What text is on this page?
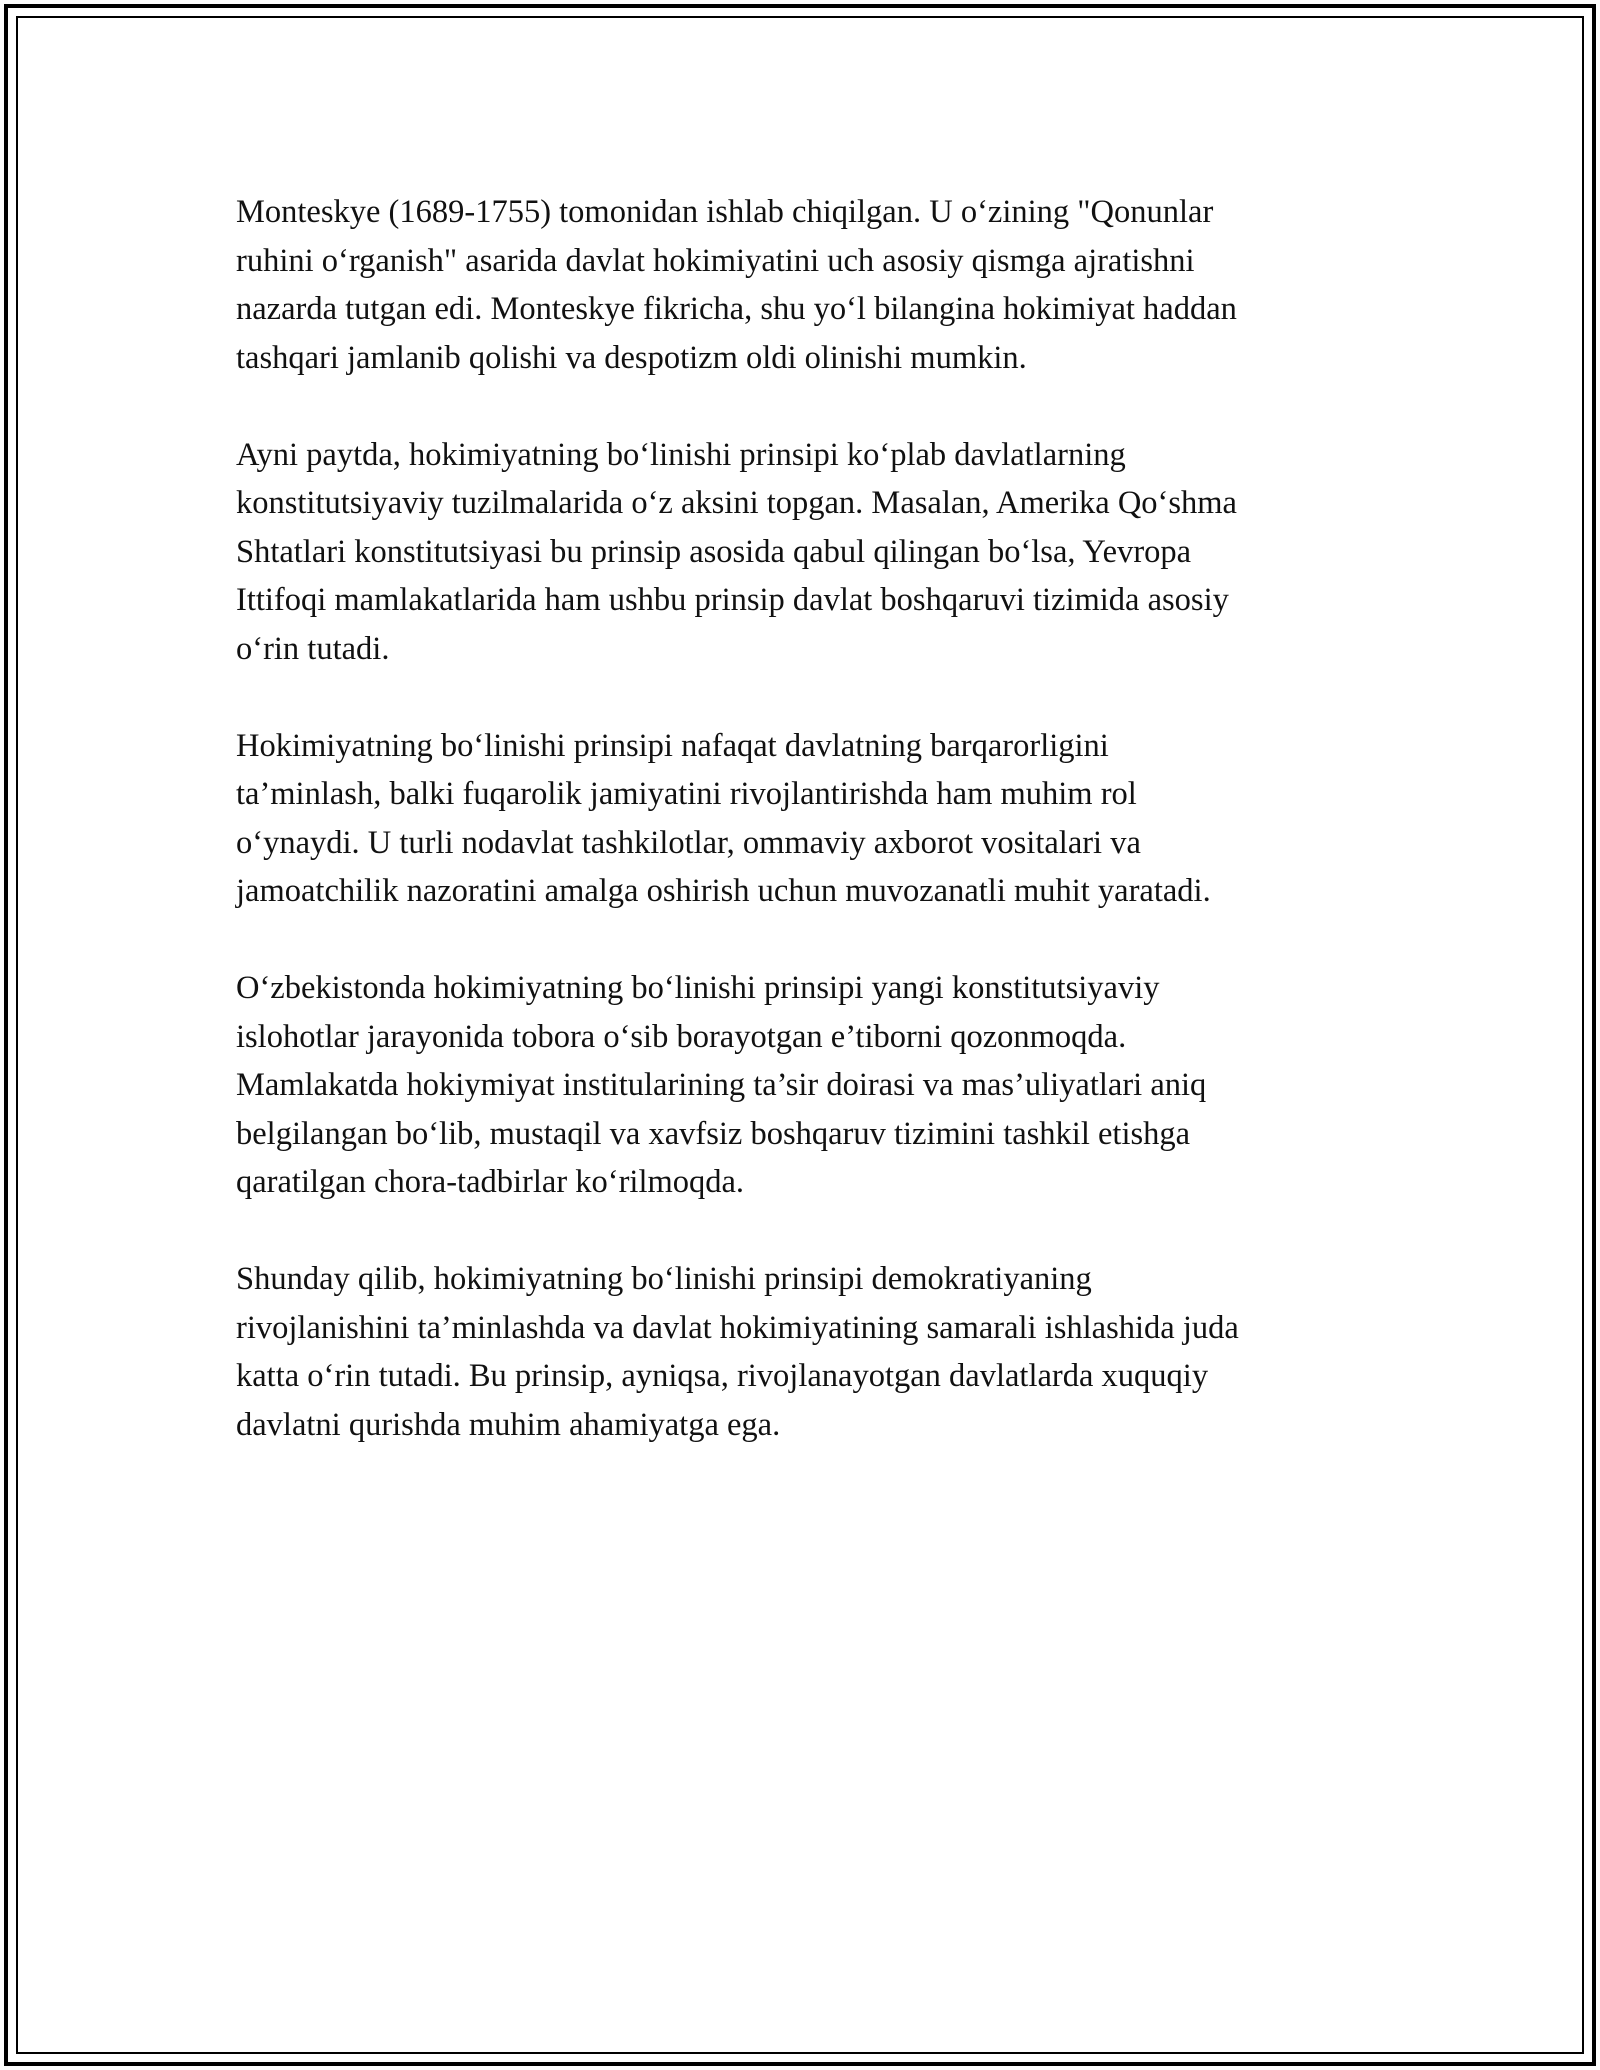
Monteskye (1689-1755) tomonidan ishlab chiqilgan. U o‘zining "Qonunlar
ruhini o‘rganish" asarida davlat hokimiyatini uch asosiy qismga ajratishni
nazarda tutgan edi. Monteskye fikricha, shu yo‘l bilangina hokimiyat haddan
tashqari jamlanib qolishi va despotizm oldi olinishi mumkin.

Ayni paytda, hokimiyatning bo‘linishi prinsipi ko‘plab davlatlarning
konstitutsiyaviy tuzilmalarida o‘z aksini topgan. Masalan, Amerika Qo‘shma
Shtatlari konstitutsiyasi bu prinsip asosida qabul qilingan bo‘lsa, Yevropa
Ittifoqi mamlakatlarida ham ushbu prinsip davlat boshqaruvi tizimida asosiy
o‘rin tutadi.

Hokimiyatning bo‘linishi prinsipi nafaqat davlatning barqarorligini
ta’minlash, balki fuqarolik jamiyatini rivojlantirishda ham muhim rol
o‘ynaydi. U turli nodavlat tashkilotlar, ommaviy axborot vositalari va
jamoatchilik nazoratini amalga oshirish uchun muvozanatli muhit yaratadi.

O‘zbekistonda hokimiyatning bo‘linishi prinsipi yangi konstitutsiyaviy
islohotlar jarayonida tobora o‘sib borayotgan e’tiborni qozonmoqda.
Mamlakatda hokiymiyat institularining ta’sir doirasi va mas’uliyatlari aniq
belgilangan bo‘lib, mustaqil va xavfsiz boshqaruv tizimini tashkil etishga
qaratilgan chora-tadbirlar ko‘rilmoqda.

Shunday qilib, hokimiyatning bo‘linishi prinsipi demokratiyaning
rivojlanishini ta’minlashda va davlat hokimiyatining samarali ishlashida juda
katta o‘rin tutadi. Bu prinsip, ayniqsa, rivojlanayotgan davlatlarda xuquqiy
davlatni qurishda muhim ahamiyatga ega.
